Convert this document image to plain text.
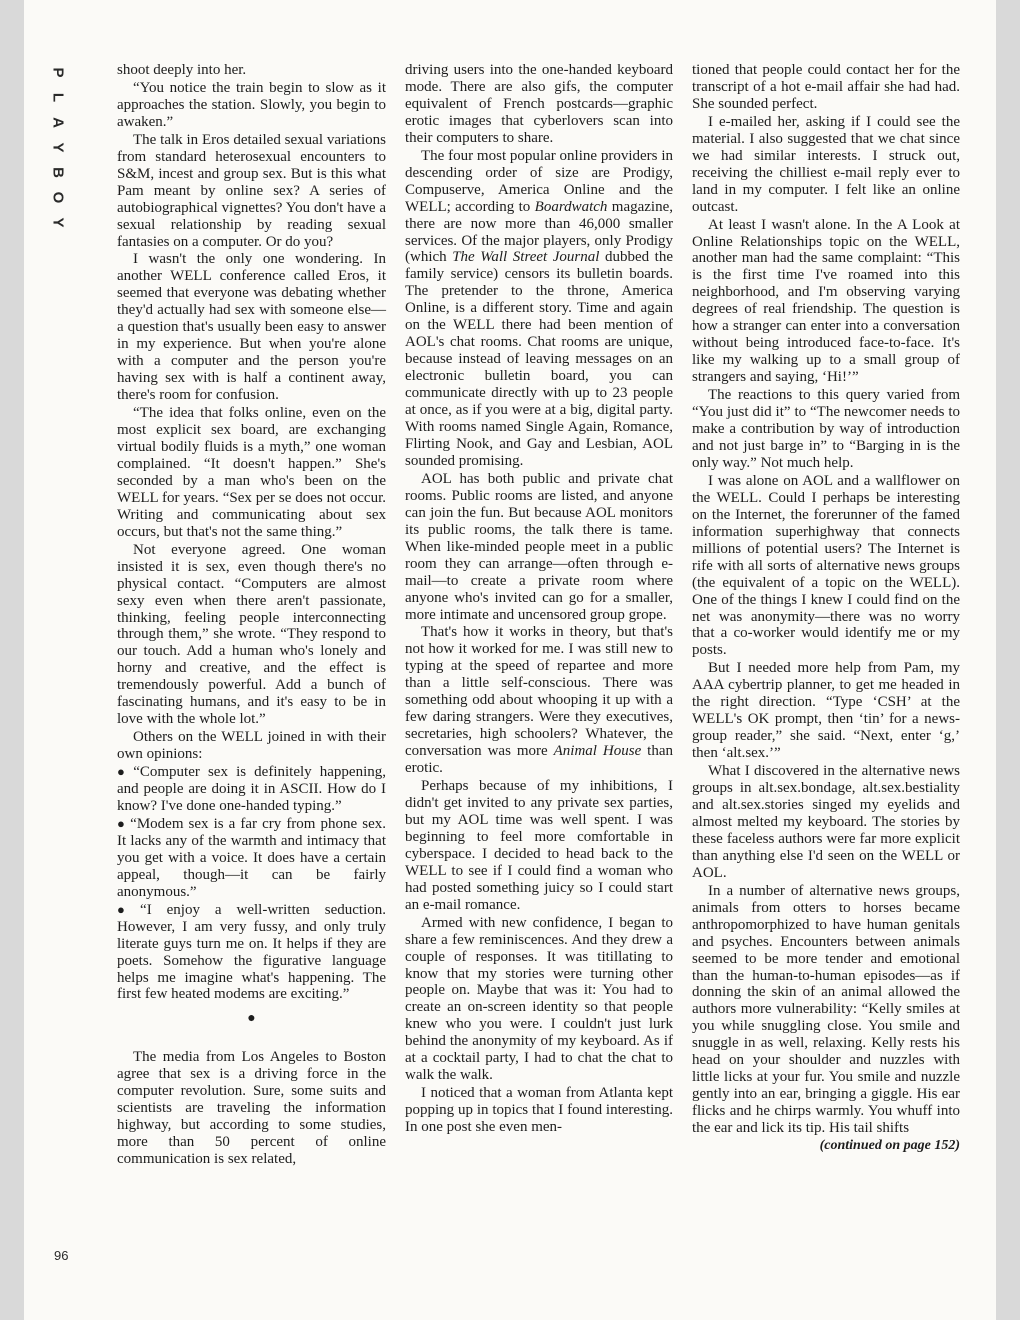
P
L
A
Y
B
O
Y
96

shoot deeply into her.

“You notice the train begin to slow as it approaches the station. Slowly, you begin to awaken.”

The talk in Eros detailed sexual variations from standard heterosexual encounters to S&M, incest and group sex. But is this what Pam meant by online sex? A series of autobiographical vignettes? You don't have a sexual relationship by reading sexual fantasies on a computer. Or do you?

I wasn't the only one wondering. In another WELL conference called Eros, it seemed that everyone was debating whether they'd actually had sex with someone else—a question that's usually been easy to answer in my experience. But when you're alone with a computer and the person you're having sex with is half a continent away, there's room for confusion.

“The idea that folks online, even on the most explicit sex board, are exchanging virtual bodily fluids is a myth,” one woman complained. “It doesn't happen.” She's seconded by a man who's been on the WELL for years. “Sex per se does not occur. Writing and communicating about sex occurs, but that's not the same thing.”

Not everyone agreed. One woman insisted it is sex, even though there's no physical contact. “Computers are almost sexy even when there aren't passionate, thinking, feeling people interconnecting through them,” she wrote. “They respond to our touch. Add a human who's lonely and horny and creative, and the effect is tremendously powerful. Add a bunch of fascinating humans, and it's easy to be in love with the whole lot.”

Others on the WELL joined in with their own opinions:

● “Computer sex is definitely happening, and people are doing it in ASCII. How do I know? I've done one-handed typing.”

● “Modem sex is a far cry from phone sex. It lacks any of the warmth and intimacy that you get with a voice. It does have a certain appeal, though—it can be fairly anonymous.”

● “I enjoy a well-written seduction. However, I am very fussy, and only truly literate guys turn me on. It helps if they are poets. Somehow the figurative language helps me imagine what's happening. The first few heated modems are exciting.”

●

The media from Los Angeles to Boston agree that sex is a driving force in the computer revolution. Sure, some suits and scientists are traveling the information highway, but according to some studies, more than 50 percent of online communication is sex related,

driving users into the one-handed keyboard mode. There are also gifs, the computer equivalent of French postcards—graphic erotic images that cyberlovers scan into their computers to share.

The four most popular online providers in descending order of size are Prodigy, Compuserve, America Online and the WELL; according to Boardwatch magazine, there are now more than 46,000 smaller services. Of the major players, only Prodigy (which The Wall Street Journal dubbed the family service) censors its bulletin boards. The pretender to the throne, America Online, is a different story. Time and again on the WELL there had been mention of AOL's chat rooms. Chat rooms are unique, because instead of leaving messages on an electronic bulletin board, you can communicate directly with up to 23 people at once, as if you were at a big, digital party. With rooms named Single Again, Romance, Flirting Nook, and Gay and Lesbian, AOL sounded promising.

AOL has both public and private chat rooms. Public rooms are listed, and anyone can join the fun. But because AOL monitors its public rooms, the talk there is tame. When like-minded people meet in a public room they can arrange—often through e-mail—to create a private room where anyone who's invited can go for a smaller, more intimate and uncensored group grope.

That's how it works in theory, but that's not how it worked for me. I was still new to typing at the speed of repartee and more than a little self-conscious. There was something odd about whooping it up with a few daring strangers. Were they executives, secretaries, high schoolers? Whatever, the conversation was more Animal House than erotic.

Perhaps because of my inhibitions, I didn't get invited to any private sex parties, but my AOL time was well spent. I was beginning to feel more comfortable in cyberspace. I decided to head back to the WELL to see if I could find a woman who had posted something juicy so I could start an e-mail romance.

Armed with new confidence, I began to share a few reminiscences. And they drew a couple of responses. It was titillating to know that my stories were turning other people on. Maybe that was it: You had to create an on-screen identity so that people knew who you were. I couldn't just lurk behind the anonymity of my keyboard. As if at a cocktail party, I had to chat the chat to walk the walk.

I noticed that a woman from Atlanta kept popping up in topics that I found interesting. In one post she even men-

tioned that people could contact her for the transcript of a hot e-mail affair she had had. She sounded perfect.

I e-mailed her, asking if I could see the material. I also suggested that we chat since we had similar interests. I struck out, receiving the chilliest e-mail reply ever to land in my computer. I felt like an online outcast.

At least I wasn't alone. In the A Look at Online Relationships topic on the WELL, another man had the same complaint: “This is the first time I've roamed into this neighborhood, and I'm observing varying degrees of real friendship. The question is how a stranger can enter into a conversation without being introduced face-to-face. It's like my walking up to a small group of strangers and saying, ‘Hi!’”

The reactions to this query varied from “You just did it” to “The newcomer needs to make a contribution by way of introduction and not just barge in” to “Barging in is the only way.” Not much help.

I was alone on AOL and a wallflower on the WELL. Could I perhaps be interesting on the Internet, the forerunner of the famed information superhighway that connects millions of potential users? The Internet is rife with all sorts of alternative news groups (the equivalent of a topic on the WELL). One of the things I knew I could find on the net was anonymity—there was no worry that a co-worker would identify me or my posts.

But I needed more help from Pam, my AAA cybertrip planner, to get me headed in the right direction. “Type ‘CSH’ at the WELL's OK prompt, then ‘tin’ for a news-group reader,” she said. “Next, enter ‘g,’ then ‘alt.sex.’”

What I discovered in the alternative news groups in alt.sex.bondage, alt.sex.bestiality and alt.sex.stories singed my eyelids and almost melted my keyboard. The stories by these faceless authors were far more explicit than anything else I'd seen on the WELL or AOL.

In a number of alternative news groups, animals from otters to horses became anthropomorphized to have human genitals and psyches. Encounters between animals seemed to be more tender and emotional than the human-to-human episodes—as if donning the skin of an animal allowed the authors more vulnerability: “Kelly smiles at you while snuggling close. You smile and snuggle in as well, relaxing. Kelly rests his head on your shoulder and nuzzles with little licks at your fur. You smile and nuzzle gently into an ear, bringing a giggle. His ear flicks and he chirps warmly. You whuff into the ear and lick its tip. His tail shifts

(continued on page 152)
